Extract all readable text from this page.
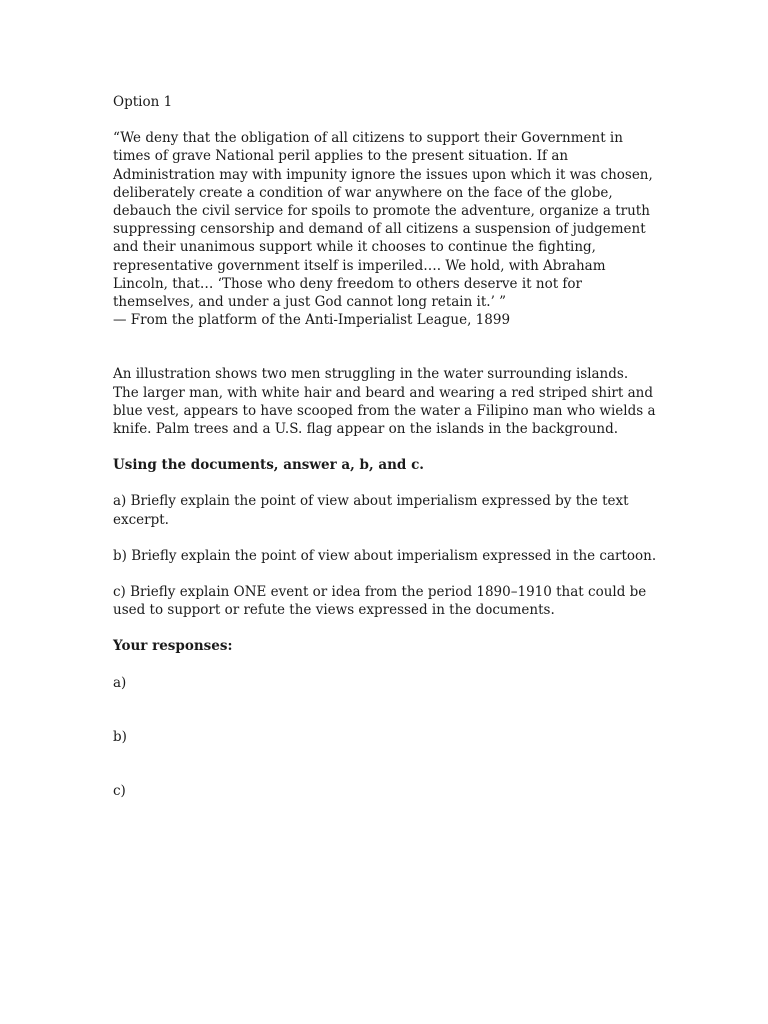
Option 1

“We deny that the obligation of all citizens to support their Government in times of grave National peril applies to the present situation. If an Administration may with impunity ignore the issues upon which it was chosen, deliberately create a condition of war anywhere on the face of the globe, debauch the civil service for spoils to promote the adventure, organize a truth suppressing censorship and demand of all citizens a suspension of judgement and their unanimous support while it chooses to continue the fighting, representative government itself is imperiled…. We hold, with Abraham Lincoln, that… ‘Those who deny freedom to others deserve it not for themselves, and under a just God cannot long retain it.’ ”

— From the platform of the Anti-Imperialist League, 1899

An illustration shows two men struggling in the water surrounding islands. The larger man, with white hair and beard and wearing a red striped shirt and blue vest, appears to have scooped from the water a Filipino man who wields a knife. Palm trees and a U.S. flag appear on the islands in the background.

Using the documents, answer a, b, and c.

a) Briefly explain the point of view about imperialism expressed by the text excerpt.

b) Briefly explain the point of view about imperialism expressed in the cartoon.

c) Briefly explain ONE event or idea from the period 1890–1910 that could be used to support or refute the views expressed in the documents.

Your responses:

a)

b)

c)
